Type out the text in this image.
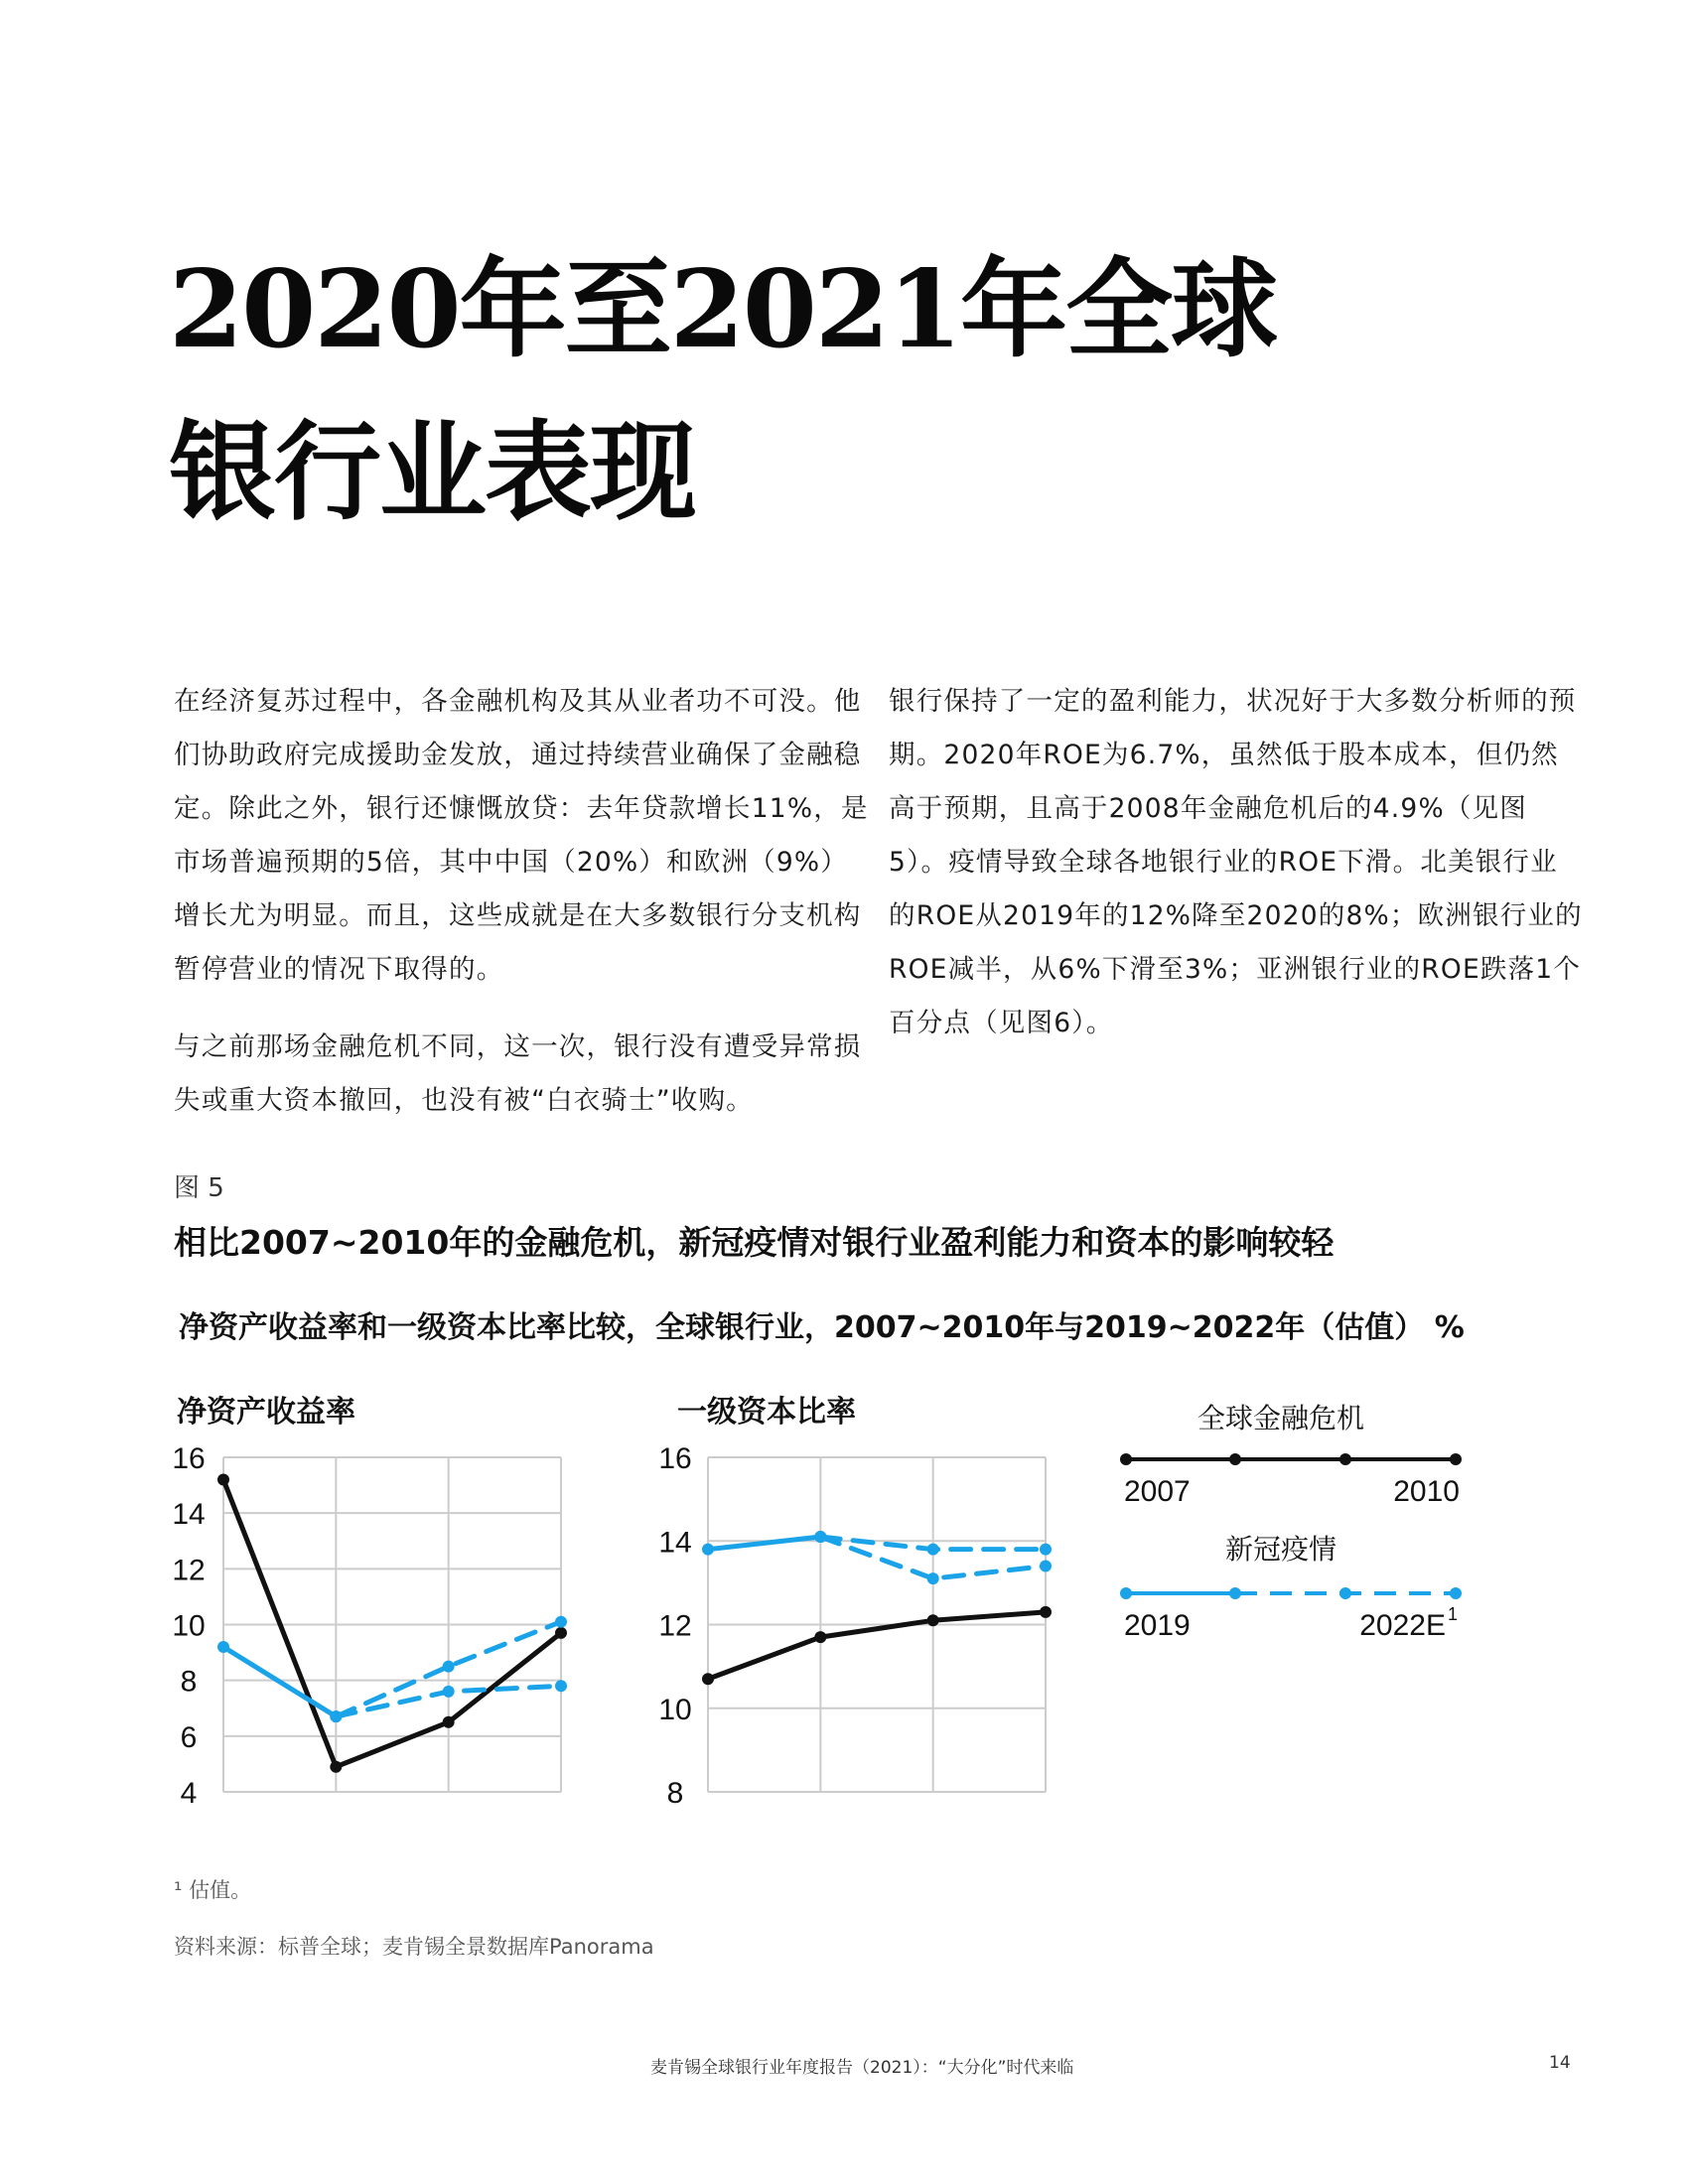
2020年至2021年全球
银行业表现

在经济复苏过程中，各金融机构及其从业者功不可没。他们协助政府完成援助金发放，通过持续营业确保了金融稳定。除此之外，银行还慷慨放贷：去年贷款增长11%，是市场普遍预期的5倍，其中中国（20%）和欧洲（9%）增长尤为明显。而且，这些成就是在大多数银行分支机构暂停营业的情况下取得的。

与之前那场金融危机不同，这一次，银行没有遭受异常损失或重大资本撤回，也没有被“白衣骑士”收购。

银行保持了一定的盈利能力，状况好于大多数分析师的预期。2020年ROE为6.7%，虽然低于股本成本，但仍然高于预期，且高于2008年金融危机后的4.9%（见图5）。疫情导致全球各地银行业的ROE下滑。北美银行业的ROE从2019年的12%降至2020的8%；欧洲银行业的ROE减半，从6%下滑至3%；亚洲银行业的ROE跌落1个百分点（见图6）。

图 5
相比2007~2010年的金融危机，新冠疫情对银行业盈利能力和资本的影响较轻
净资产收益率和一级资本比率比较，全球银行业，2007~2010年与2019~2022年（估值） %
净资产收益率
4
6
8
10
12
14
16
一级资本比率
8
10
12
14
16
全球金融危机
2007	2010
新冠疫情
2019	2022E 1
¹ 估值。
资料来源：标普全球；麦肯锡全景数据库Panorama
麦肯锡全球银行业年度报告（2021）：“大分化”时代来临	14
